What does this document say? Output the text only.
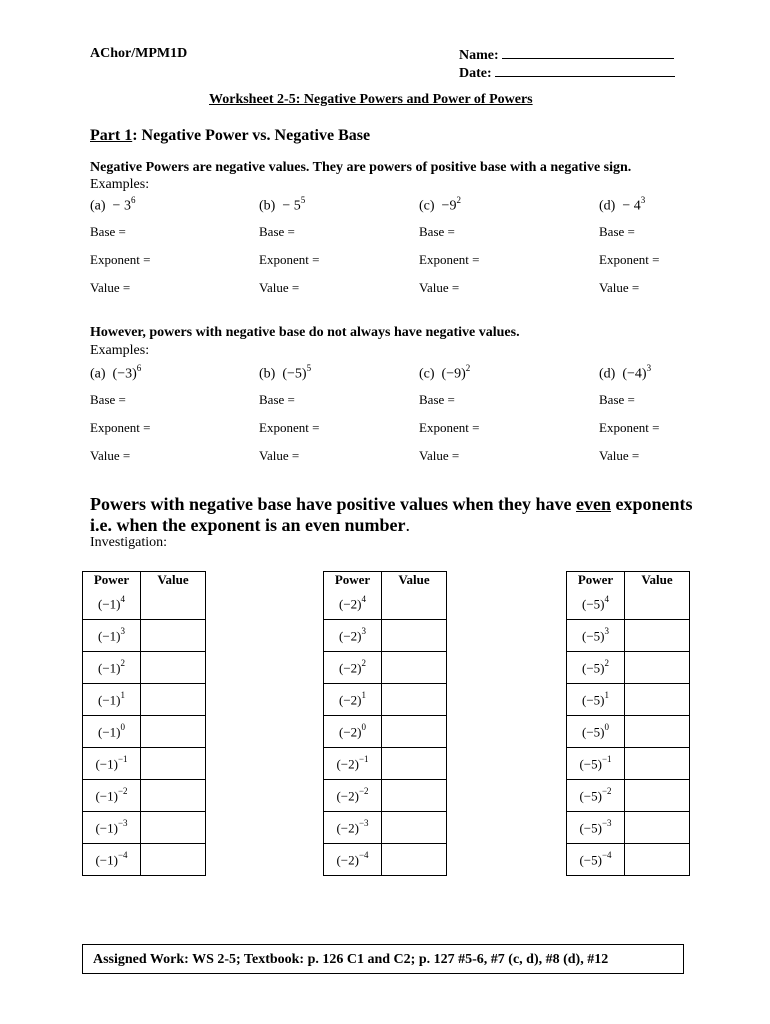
AChor/MPM1D	Name:
Date:
Worksheet 2-5: Negative Powers and Power of Powers
Part 1: Negative Power vs. Negative Base
Negative Powers are negative values. They are powers of positive base with a negative sign.
Examples:
$(a) - 3^6$
Base =
Exponent =
Value =
$(b) - 5^5$
Base =
Exponent =
Value =
$(c) -9^2$
Base =
Exponent =
Value =
$(d) - 4^3$
Base =
Exponent =
Value =
However, powers with negative base do not always have negative values.
Examples:
(a) $(-3)^6$
Base =
Exponent =
Value =
(b) $(-5)^5$
Base =
Exponent =
Value =
(c) $(-9)^2$
Base =
Exponent =
Value =
(d) $(-4)^3$
Base =
Exponent =
Value =
Powers with negative base have positive values when they have even exponents
i.e. when the exponent is an even number.
Investigation:
Power	Value
$(-1)^4$	
$(-1)^3$	
$(-1)^2$	
$(-1)^1$	
$(-1)^0$	
$(-1)^{-1}$	
$(-1)^{-2}$	
$(-1)^{-3}$	
$(-1)^{-4}$	
Power	Value
$(-2)^4$	
$(-2)^3$	
$(-2)^2$	
$(-2)^1$	
$(-2)^0$	
$(-2)^{-1}$	
$(-2)^{-2}$	
$(-2)^{-3}$	
$(-2)^{-4}$	
Power	Value
$(-5)^4$	
$(-5)^3$	
$(-5)^2$	
$(-5)^1$	
$(-5)^0$	
$(-5)^{-1}$	
$(-5)^{-2}$	
$(-5)^{-3}$	
$(-5)^{-4}$	
Assigned Work: WS 2-5; Textbook: p. 126 C1 and C2; p. 127 #5-6, #7 (c, d), #8 (d), #12
